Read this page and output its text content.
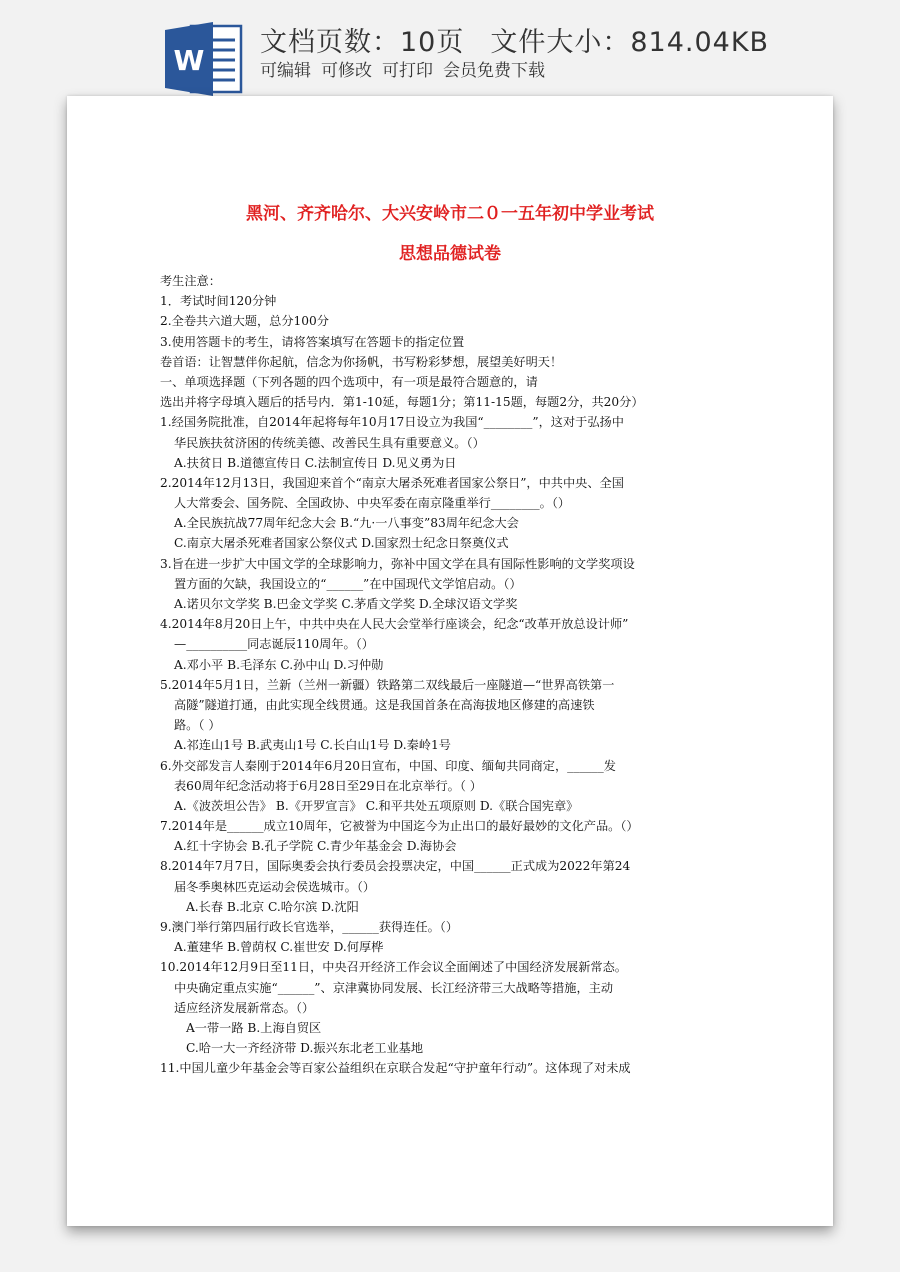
W
文档页数：10页 文件大小：814.04KB
可编辑 可修改 可打印 会员免费下载
黑河、齐齐哈尔、大兴安岭市二０一五年初中学业考试
思想品德试卷
考生注意：
1．考试时间120分钟
2.全卷共六道大题，总分100分
3.使用答题卡的考生，请将答案填写在答题卡的指定位置
卷首语：让智慧伴你起航，信念为你扬帆，书写粉彩梦想，展望美好明天！
一、单项选择题（下列各题的四个选项中，有一项是最符合题意的，请
选出并将字母填入题后的括号内．第1-10延，每题1分；第11-15题，每题2分，共20分）
1.经国务院批准，自2014年起将每年10月17日设立为我国“________”，这对于弘扬中
华民族扶贫济困的传统美德、改善民生具有重要意义。（）
A.扶贫日 B.道德宣传日 C.法制宣传日 D.见义勇为日
2.2014年12月13日，我国迎来首个“南京大屠杀死难者国家公祭日”，中共中央、全国
人大常委会、国务院、全国政协、中央军委在南京隆重举行________。（）
A.全民族抗战77周年纪念大会 B.“九·一八事变”83周年纪念大会
C.南京大屠杀死难者国家公祭仪式 D.国家烈士纪念日祭奠仪式
3.旨在进一步扩大中国文学的全球影响力，弥补中国文学在具有国际性影响的文学奖项设
置方面的欠缺，我国设立的“______”在中国现代文学馆启动。（）
A.诺贝尔文学奖 B.巴金文学奖 C.茅盾文学奖 D.全球汉语文学奖
4.2014年8月20日上午，中共中央在人民大会堂举行座谈会，纪念“改革开放总设计师”
—__________同志诞辰110周年。（）
A.邓小平 B.毛泽东 C.孙中山 D.习仲勋
5.2014年5月1日，兰新（兰州一新疆）铁路第二双线最后一座隧道—“世界高铁第一
高隧”隧道打通，由此实现全线贯通。这是我国首条在高海拔地区修建的高速铁
路。（ ）
A.祁连山1号 B.武夷山1号 C.长白山1号 D.秦岭1号
6.外交部发言人秦刚于2014年6月20日宣布，中国、印度、缅甸共同商定，______发
表60周年纪念活动将于6月28日至29日在北京举行。（ ）
A.《波茨坦公告》 B.《开罗宣言》 C.和平共处五项原则 D.《联合国宪章》
7.2014年是______成立10周年，它被誉为中国迄今为止出口的最好最妙的文化产品。（）
A.红十字协会 B.孔子学院 C.青少年基金会 D.海协会
8.2014年7月7日，国际奥委会执行委员会投票决定，中国______正式成为2022年第24
届冬季奥林匹克运动会侯选城市。（）
A.长春 B.北京 C.哈尔滨 D.沈阳
9.澳门举行第四届行政长官选举，______获得连任。（）
A.董建华 B.曾荫权 C.崔世安 D.何厚桦
10.2014年12月9日至11日，中央召开经济工作会议全面阐述了中国经济发展新常态。
中央确定重点实施“______”、京津冀协同发展、长江经济带三大战略等措施，主动
适应经济发展新常态。（）
A一带一路 B.上海自贸区
C.哈一大一齐经济带 D.振兴东北老工业基地
11.中国儿童少年基金会等百家公益组织在京联合发起“守护童年行动”。这体现了对未成
